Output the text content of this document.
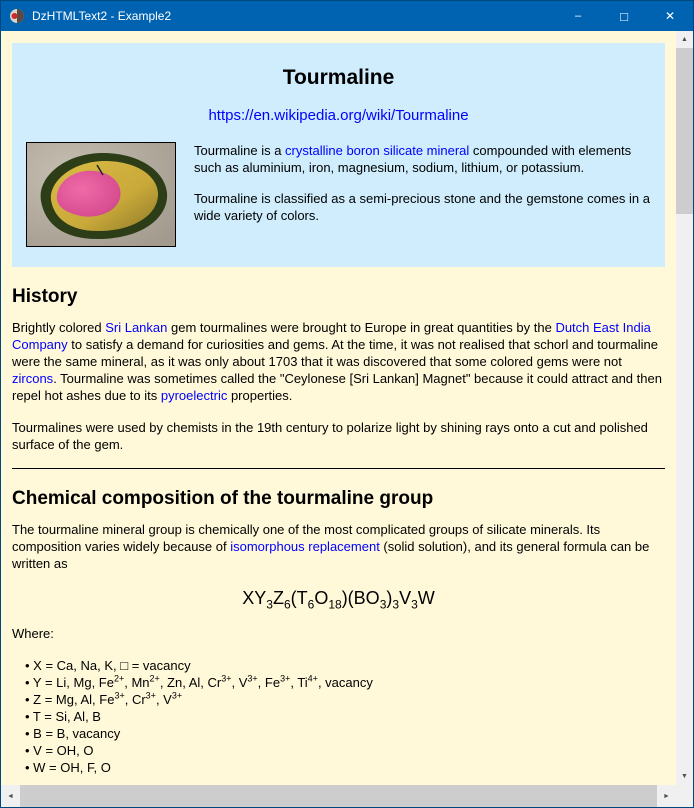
DzHTMLText2 - Example2	–	□	✕
Tourmaline
https://en.wikipedia.org/wiki/Tourmaline

Tourmaline is a crystalline boron silicate mineral compounded with elements such as aluminium, iron, magnesium, sodium, lithium, or potassium.

Tourmaline is classified as a semi-precious stone and the gemstone comes in a wide variety of colors.

History

Brightly colored Sri Lankan gem tourmalines were brought to Europe in great quantities by the Dutch East India Company to satisfy a demand for curiosities and gems. At the time, it was not realised that schorl and tourmaline were the same mineral, as it was only about 1703 that it was discovered that some colored gems were not zircons. Tourmaline was sometimes called the "Ceylonese [Sri Lankan] Magnet" because it could attract and then repel hot ashes due to its pyroelectric properties.

Tourmalines were used by chemists in the 19th century to polarize light by shining rays onto a cut and polished surface of the gem.

Chemical composition of the tourmaline group

The tourmaline mineral group is chemically one of the most complicated groups of silicate minerals. Its composition varies widely because of isomorphous replacement (solid solution), and its general formula can be written as

$XY_3Z_6(T_6O_{18})(BO_3)_3V_3W$

Where:

• X = Ca, Na, K, □ = vacancy
• Y = Li, Mg, $Fe^{2+}$, $Mn^{2+}$, Zn, Al, $Cr^{3+}$, $V^{3+}$, $Fe^{3+}$, $Ti^{4+}$, vacancy
• Z = Mg, Al, $Fe^{3+}$, $Cr^{3+}$, $V^{3+}$
• T = Si, Al, B
• B = B, vacancy
• V = OH, O
• W = OH, F, O
▲
▼
◄	►
